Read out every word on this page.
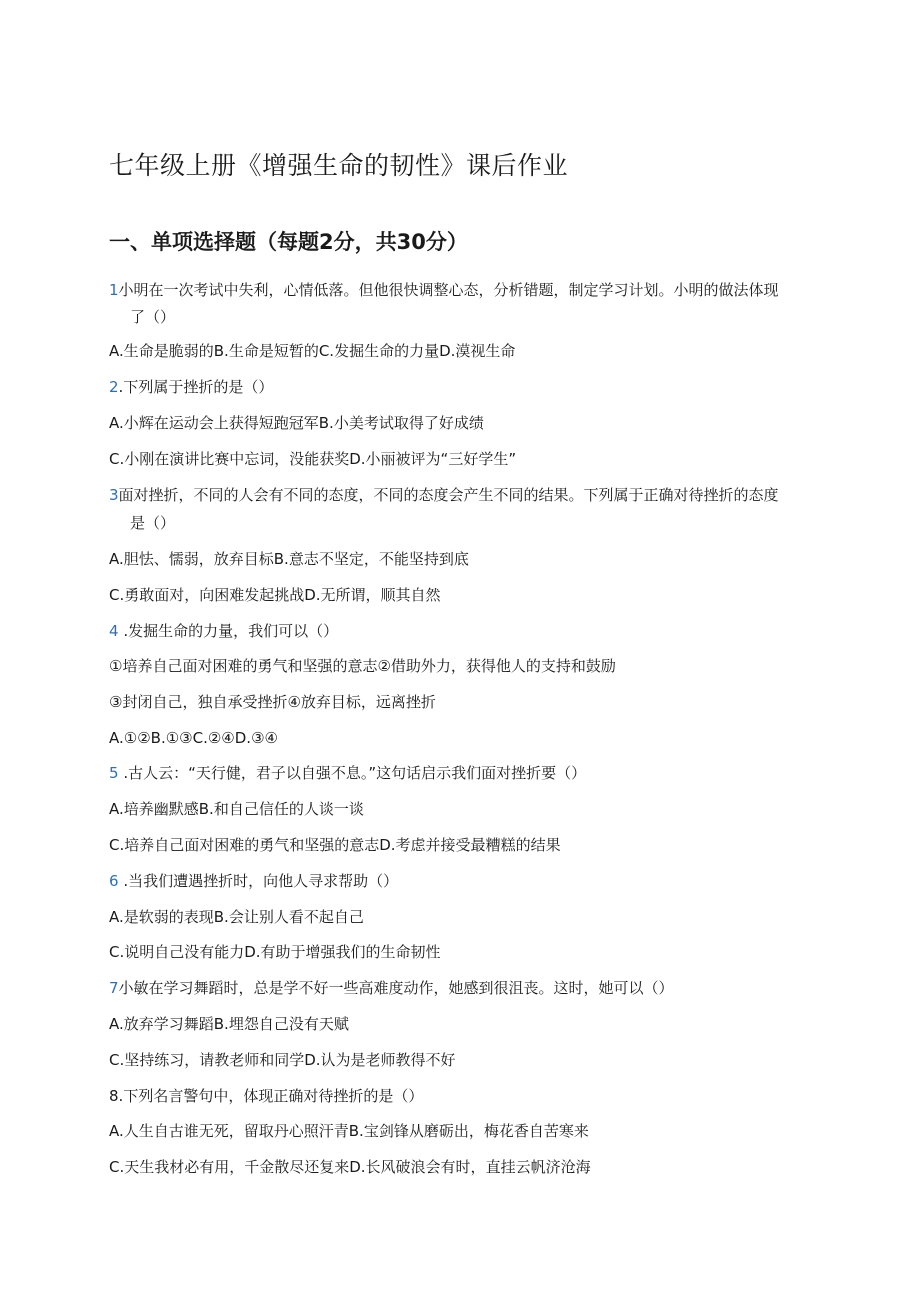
七年级上册《增强生命的韧性》课后作业
一、单项选择题（每题2分，共30分）
1小明在一次考试中失利，心情低落。但他很快调整心态，分析错题，制定学习计划。小明的做法体现
了（）
A.生命是脆弱的B.生命是短暂的C.发掘生命的力量D.漠视生命
2.下列属于挫折的是（）
A.小辉在运动会上获得短跑冠军B.小美考试取得了好成绩
C.小刚在演讲比赛中忘词，没能获奖D.小丽被评为“三好学生”
3面对挫折，不同的人会有不同的态度，不同的态度会产生不同的结果。下列属于正确对待挫折的态度
是（）
A.胆怯、懦弱，放弃目标B.意志不坚定，不能坚持到底
C.勇敢面对，向困难发起挑战D.无所谓，顺其自然
4 .发掘生命的力量，我们可以（）
①培养自己面对困难的勇气和坚强的意志②借助外力，获得他人的支持和鼓励
③封闭自己，独自承受挫折④放弃目标，远离挫折
A.①②B.①③C.②④D.③④
5 .古人云：“天行健，君子以自强不息。”这句话启示我们面对挫折要（）
A.培养幽默感B.和自己信任的人谈一谈
C.培养自己面对困难的勇气和坚强的意志D.考虑并接受最糟糕的结果
6 .当我们遭遇挫折时，向他人寻求帮助（）
A.是软弱的表现B.会让别人看不起自己
C.说明自己没有能力D.有助于增强我们的生命韧性
7小敏在学习舞蹈时，总是学不好一些高难度动作，她感到很沮丧。这时，她可以（）
A.放弃学习舞蹈B.埋怨自己没有天赋
C.坚持练习，请教老师和同学D.认为是老师教得不好
8.下列名言警句中，体现正确对待挫折的是（）
A.人生自古谁无死，留取丹心照汗青B.宝剑锋从磨砺出，梅花香自苦寒来
C.天生我材必有用，千金散尽还复来D.长风破浪会有时，直挂云帆济沧海
